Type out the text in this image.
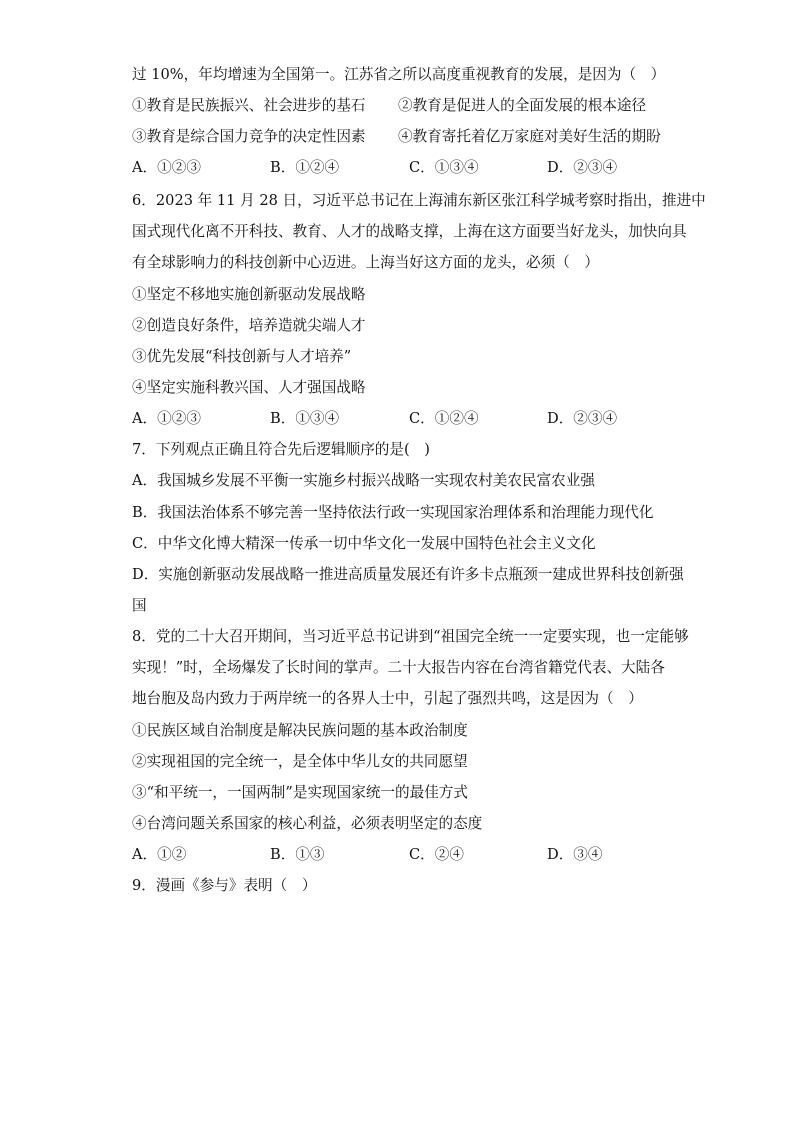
过 10%，年均增速为全国第一。江苏省之所以高度重视教育的发展，是因为（　）
①教育是民族振兴、社会进步的基石 ②教育是促进人的全面发展的根本途径
③教育是综合国力竞争的决定性因素 ④教育寄托着亿万家庭对美好生活的期盼
A．①②③	B．①②④	C．①③④	D．②③④
6．2023 年 11 月 28 日，习近平总书记在上海浦东新区张江科学城考察时指出，推进中
国式现代化离不开科技、教育、人才的战略支撑，上海在这方面要当好龙头，加快向具
有全球影响力的科技创新中心迈进。上海当好这方面的龙头，必须（　）
①坚定不移地实施创新驱动发展战略
②创造良好条件，培养造就尖端人才
③优先发展“科技创新与人才培养”
④坚定实施科教兴国、人才强国战略
A．①②③	B．①③④	C．①②④	D．②③④
7．下列观点正确且符合先后逻辑顺序的是(　)
A．我国城乡发展不平衡一实施乡村振兴战略一实现农村美农民富农业强
B．我国法治体系不够完善一坚持依法行政一实现国家治理体系和治理能力现代化
C．中华文化博大精深一传承一切中华文化一发展中国特色社会主义文化
D．实施创新驱动发展战略一推进高质量发展还有许多卡点瓶颈一建成世界科技创新强
国
8．党的二十大召开期间，当习近平总书记讲到“祖国完全统一一定要实现，也一定能够
实现！”时，全场爆发了长时间的掌声。二十大报告内容在台湾省籍党代表、大陆各
地台胞及岛内致力于两岸统一的各界人士中，引起了强烈共鸣，这是因为（　）
①民族区域自治制度是解决民族问题的基本政治制度
②实现祖国的完全统一，是全体中华儿女的共同愿望
③“和平统一，一国两制”是实现国家统一的最佳方式
④台湾问题关系国家的核心利益，必须表明坚定的态度
A．①②	B．①③	C．②④	D．③④
9．漫画《参与》表明（　）
